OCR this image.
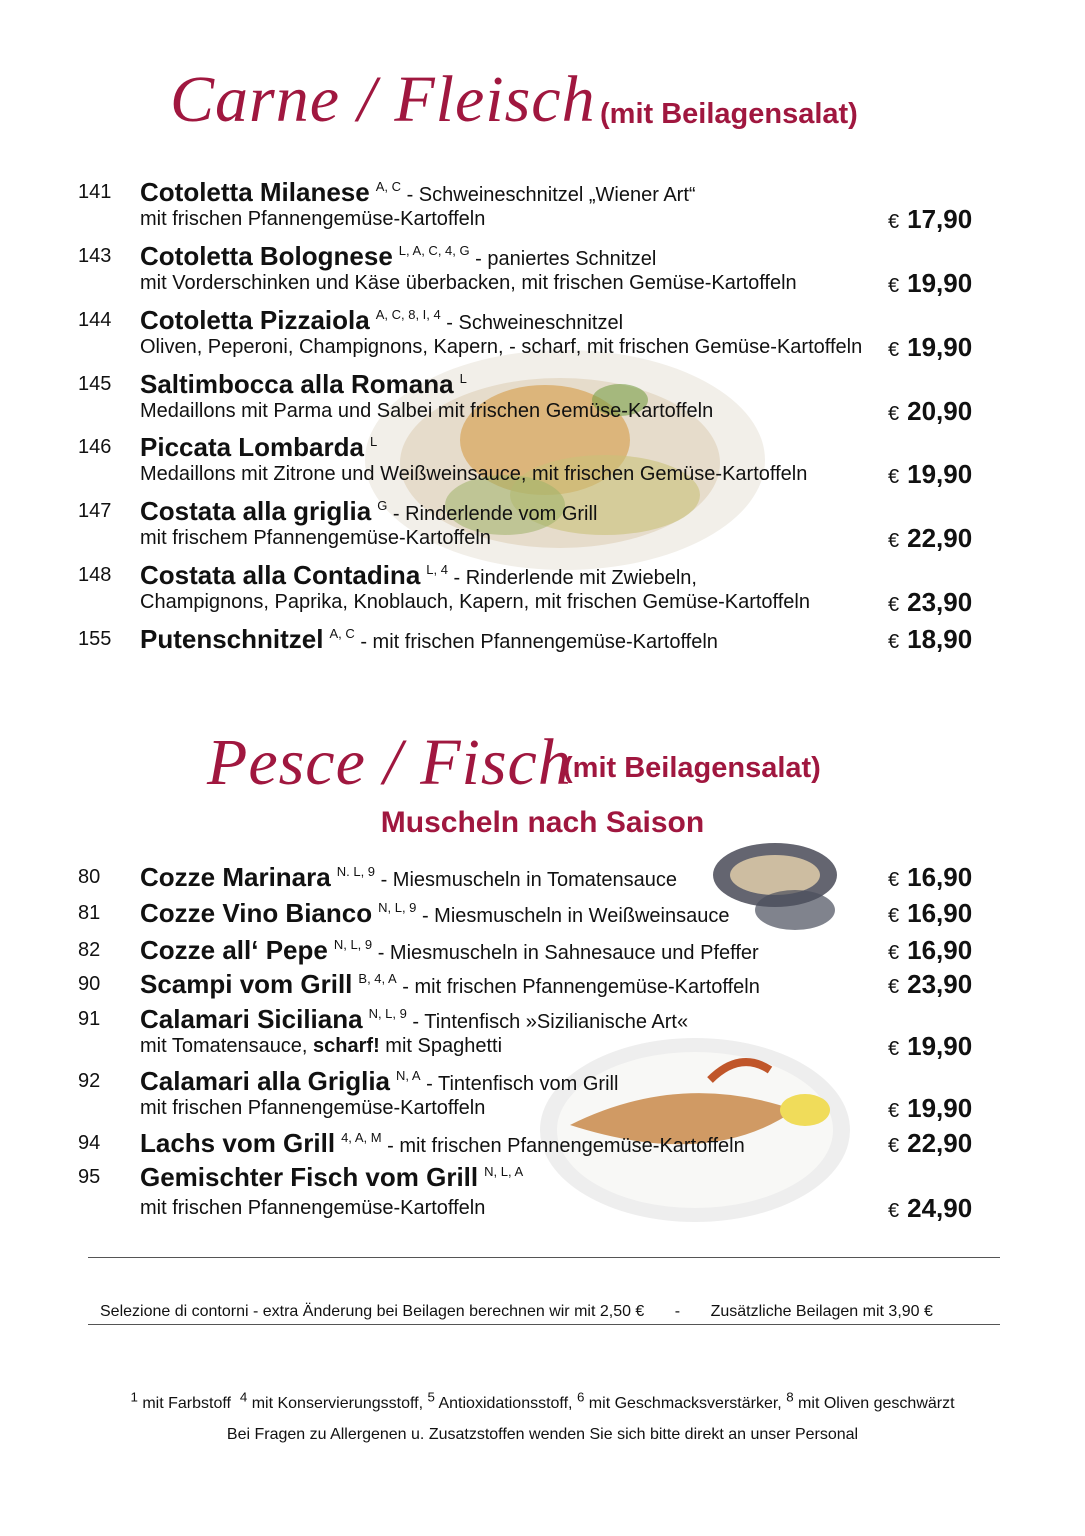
Carne / Fleisch (mit Beilagensalat)
141 Cotoletta Milanese $^{A, C}$ - Schweineschnitzel „Wiener Art“
mit frischen Pfannengemüse-Kartoffeln	€ 17,90
143 Cotoletta Bolognese $^{L, A, C, 4, G}$ - paniertes Schnitzel
mit Vorderschinken und Käse überbacken, mit frischen Gemüse-Kartoffeln	€ 19,90
144 Cotoletta Pizzaiola $^{A, C, 8, I, 4}$ - Schweineschnitzel
Oliven, Peperoni, Champignons, Kapern, - scharf, mit frischen Gemüse-Kartoffeln € 19,90
145 Saltimbocca alla Romana $^L$
Medaillons mit Parma und Salbei mit frischen Gemüse-Kartoffeln	€ 20,90
146 Piccata Lombarda $^L$
Medaillons mit Zitrone und Weißweinsauce, mit frischen Gemüse-Kartoffeln	€ 19,90
147 Costata alla griglia $^G$ - Rinderlende vom Grill
mit frischem Pfannengemüse-Kartoffeln	€ 22,90
148 Costata alla Contadina $^{L, 4}$ - Rinderlende mit Zwiebeln,
Champignons, Paprika, Knoblauch, Kapern, mit frischen Gemüse-Kartoffeln	€ 23,90
155 Putenschnitzel $^{A, C}$ - mit frischen Pfannengemüse-Kartoffeln	€ 18,90
Pesce / Fisch
(mit Beilagensalat)
Muscheln nach Saison
80 Cozze Marinara $^{N. L, 9}$ - Miesmuscheln in Tomatensauce	€ 16,90
81 Cozze Vino Bianco $^{N, L, 9}$ - Miesmuscheln in Weißweinsauce	€ 16,90
82 Cozze all‘ Pepe $^{N, L, 9}$ - Miesmuscheln in Sahnesauce und Pfeffer	€ 16,90
90 Scampi vom Grill $^{B, 4, A}$ - mit frischen Pfannengemüse-Kartoffeln	€ 23,90
91 Calamari Siciliana $^{N, L, 9}$ - Tintenfisch »Sizilianische Art«
mit Tomatensauce, scharf! mit Spaghetti	€ 19,90
92 Calamari alla Griglia $^{N, A}$ - Tintenfisch vom Grill
mit frischen Pfannengemüse-Kartoffeln	€ 19,90
94 Lachs vom Grill $^{4, A, M}$ - mit frischen Pfannengemüse-Kartoffeln	€ 22,90
95 Gemischter Fisch vom Grill $^{N, L, A}$
mit frischen Pfannengemüse-Kartoffeln	€ 24,90
Selezione di contorni - extra Änderung bei Beilagen berechnen wir mit 2,50 € - Zusätzliche Beilagen mit 3,90 €
$^1$ mit Farbstoff $^4$ mit Konservierungsstoff, $^5$ Antioxidationsstoff, $^6$ mit Geschmacksverstärker, $^8$ mit Oliven geschwärzt
Bei Fragen zu Allergenen u. Zusatzstoffen wenden Sie sich bitte direkt an unser Personal
